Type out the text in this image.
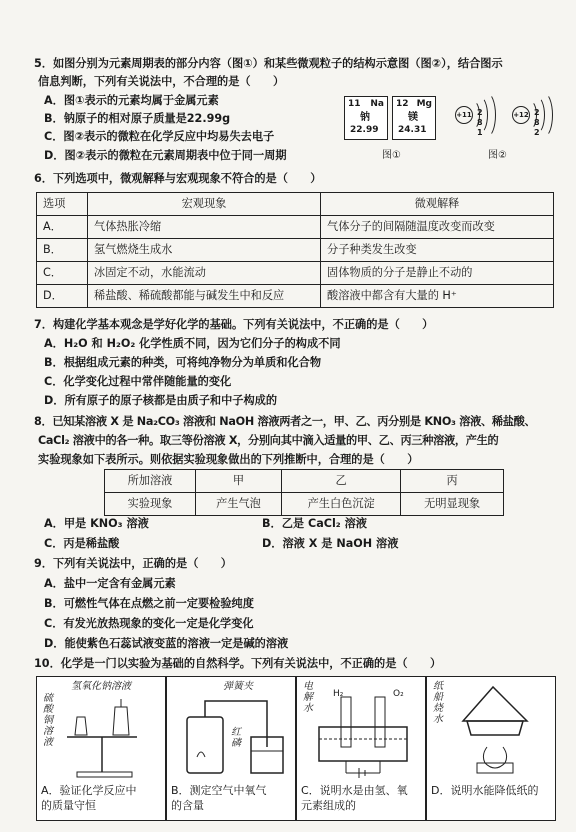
5．如图分别为元素周期表的部分内容（图①）和某些微观粒子的结构示意图（图②），结合图示
信息判断，下列有关说法中，不合理的是（　　）
A．图①表示的元素均属于金属元素
B．钠原子的相对原子质量是22.99g
C．图②表示的微粒在化学反应中均易失去电子
D．图②表示的微粒在元素周期表中位于同一周期
11 Na
钠
22.99
12 Mg
镁
24.31
图①
+11 2 8 1
+12 2 8 2
图②
6．下列选项中，微观解释与宏观现象不符合的是（　　）
选项	宏观现象	微观解释
A．	气体热胀冷缩	气体分子的间隔随温度改变而改变
B．	氢气燃烧生成水	分子种类发生改变
C．	冰固定不动，水能流动	固体物质的分子是静止不动的
D．	稀盐酸、稀硫酸都能与碱发生中和反应	酸溶液中都含有大量的 H⁺
7．构建化学基本观念是学好化学的基础。下列有关说法中，不正确的是（　　）
A．H₂O 和 H₂O₂ 化学性质不同，因为它们分子的构成不同
B．根据组成元素的种类，可将纯净物分为单质和化合物
C．化学变化过程中常伴随能量的变化
D．所有原子的原子核都是由质子和中子构成的
8．已知某溶液 X 是 Na₂CO₃ 溶液和 NaOH 溶液两者之一，甲、乙、丙分别是 KNO₃ 溶液、稀盐酸、
CaCl₂ 溶液中的各一种。取三等份溶液 X，分别向其中滴入适量的甲、乙、丙三种溶液，产生的
实验现象如下表所示。则依据实验现象做出的下列推断中，合理的是（　　）
所加溶液	甲	乙	丙
实验现象	产生气泡	产生白色沉淀	无明显现象
A．甲是 KNO₃ 溶液	B．乙是 CaCl₂ 溶液
C．丙是稀盐酸	D．溶液 X 是 NaOH 溶液
9．下列有关说法中，正确的是（　　）
A．盐中一定含有金属元素
B．可燃性气体在点燃之前一定要检验纯度
C．有发光放热现象的变化一定是化学变化
D．能使紫色石蕊试液变蓝的溶液一定是碱的溶液
10．化学是一门以实验为基础的自然科学。下列有关说法中，不正确的是（　　）
氢氧化钠溶液
硫酸铜溶液
A．验证化学反应中
的质量守恒
弹簧夹
红磷
B．测定空气中氧气
的含量
电解水
H₂	O₂
C．说明水是由氢、氧
元素组成的
纸船烧水
D．说明水能降低纸的
